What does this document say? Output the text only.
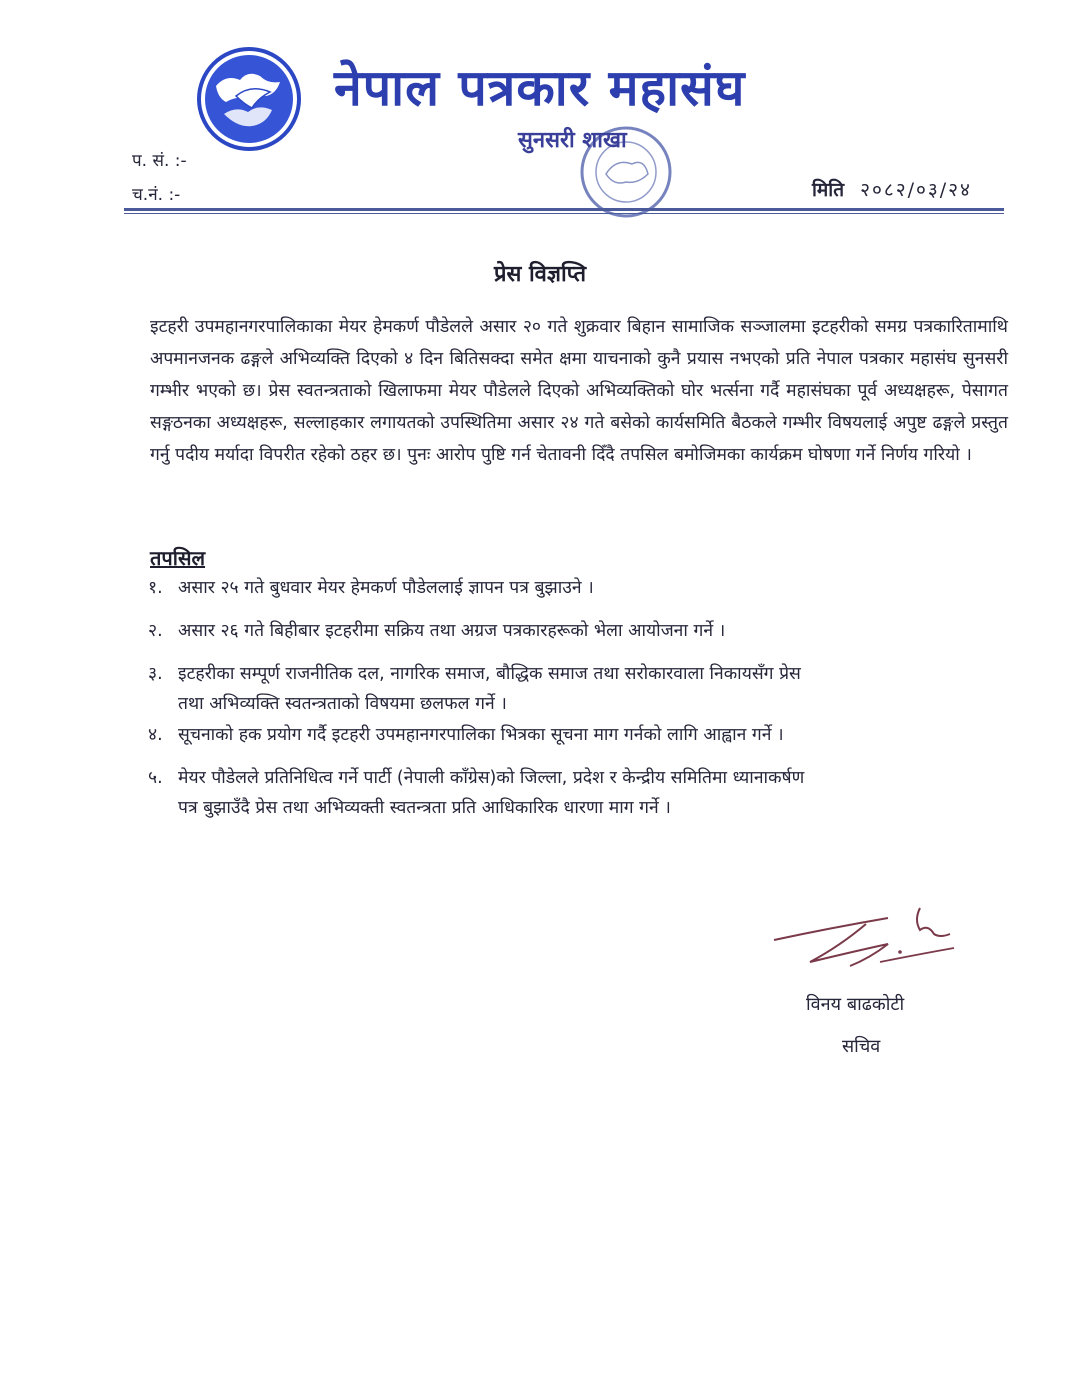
नेपाल पत्रकार महासंघ
सुनसरी शाखा
प. सं. :-
च.नं. :-	मिति २०८२/०३/२४
प्रेस विज्ञप्ति

इटहरी उपमहानगरपालिकाका मेयर हेमकर्ण पौडेलले असार २० गते शुक्रवार बिहान सामाजिक सञ्जालमा इटहरीको समग्र पत्रकारितामाथि अपमानजनक ढङ्गले अभिव्यक्ति दिएको ४ दिन बितिसक्दा समेत क्षमा याचनाको कुनै प्रयास नभएको प्रति नेपाल पत्रकार महासंघ सुनसरी गम्भीर भएको छ। प्रेस स्वतन्त्रताको खिलाफमा मेयर पौडेलले दिएको अभिव्यक्तिको घोर भर्त्सना गर्दै महासंघका पूर्व अध्यक्षहरू, पेसागत सङ्गठनका अध्यक्षहरू, सल्लाहकार लगायतको उपस्थितिमा असार २४ गते बसेको कार्यसमिति बैठकले गम्भीर विषयलाई अपुष्ट ढङ्गले प्रस्तुत गर्नु पदीय मर्यादा विपरीत रहेको ठहर छ। पुनः आरोप पुष्टि गर्न चेतावनी दिँदै तपसिल बमोजिमका कार्यक्रम घोषणा गर्ने निर्णय गरियो ।

तपसिल
१. असार २५ गते बुधवार मेयर हेमकर्ण पौडेललाई ज्ञापन पत्र बुझाउने ।
२. असार २६ गते बिहीबार इटहरीमा सक्रिय तथा अग्रज पत्रकारहरूको भेला आयोजना गर्ने ।
३. इटहरीका सम्पूर्ण राजनीतिक दल, नागरिक समाज, बौद्धिक समाज तथा सरोकारवाला निकायसँग प्रेस
तथा अभिव्यक्ति स्वतन्त्रताको विषयमा छलफल गर्ने ।
४. सूचनाको हक प्रयोग गर्दै इटहरी उपमहानगरपालिका भित्रका सूचना माग गर्नको लागि आह्वान गर्ने ।
५. मेयर पौडेलले प्रतिनिधित्व गर्ने पार्टी (नेपाली काँग्रेस)को जिल्ला, प्रदेश र केन्द्रीय समितिमा ध्यानाकर्षण
पत्र बुझाउँदै प्रेस तथा अभिव्यक्ती स्वतन्त्रता प्रति आधिकारिक धारणा माग गर्ने ।
विनय बाढकोटी
सचिव
